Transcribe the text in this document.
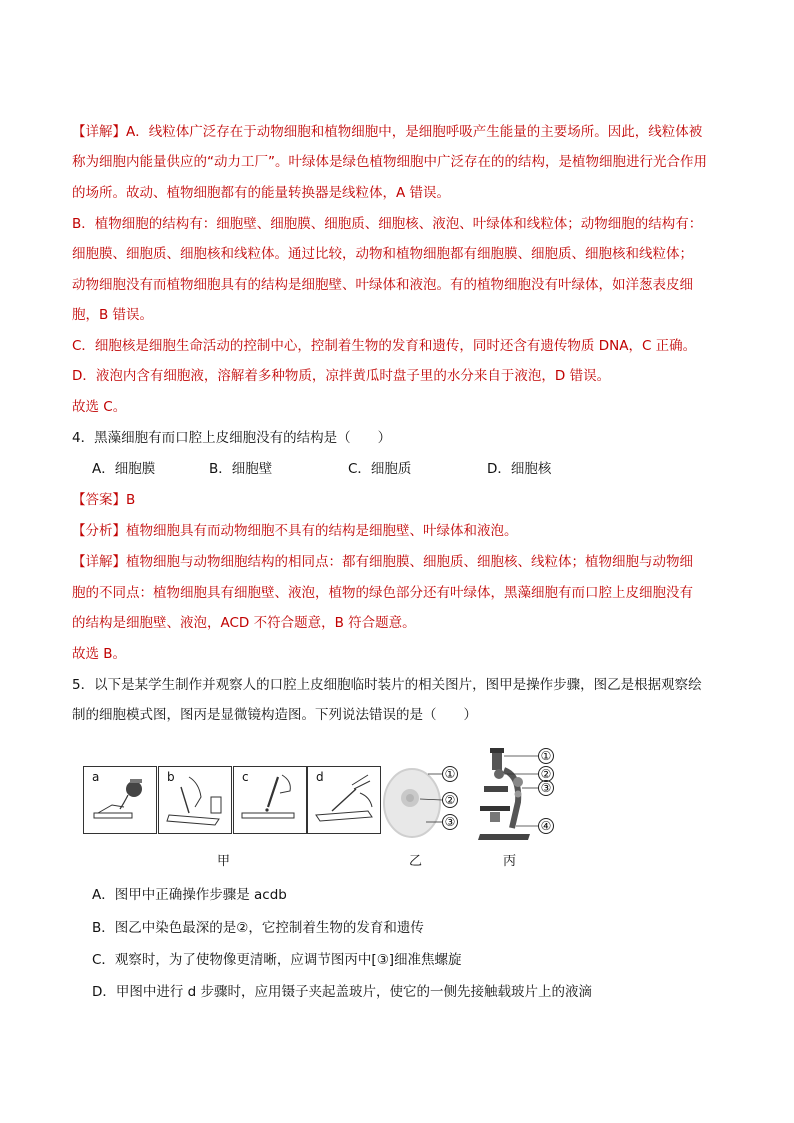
【详解】A．线粒体广泛存在于动物细胞和植物细胞中，是细胞呼吸产生能量的主要场所。因此，线粒体被
称为细胞内能量供应的“动力工厂”。叶绿体是绿色植物细胞中广泛存在的的结构，是植物细胞进行光合作用
的场所。故动、植物细胞都有的能量转换器是线粒体，A 错误。
B．植物细胞的结构有：细胞壁、细胞膜、细胞质、细胞核、液泡、叶绿体和线粒体；动物细胞的结构有：
细胞膜、细胞质、细胞核和线粒体。通过比较，动物和植物细胞都有细胞膜、细胞质、细胞核和线粒体；
动物细胞没有而植物细胞具有的结构是细胞壁、叶绿体和液泡。有的植物细胞没有叶绿体，如洋葱表皮细
胞，B 错误。
C．细胞核是细胞生命活动的控制中心，控制着生物的发育和遗传，同时还含有遗传物质 DNA，C 正确。
D．液泡内含有细胞液，溶解着多种物质，凉拌黄瓜时盘子里的水分来自于液泡，D 错误。
故选 C。
4．黑藻细胞有而口腔上皮细胞没有的结构是（　　）
A．细胞膜	B．细胞壁	C．细胞质	D．细胞核
【答案】B
【分析】植物细胞具有而动物细胞不具有的结构是细胞壁、叶绿体和液泡。
【详解】植物细胞与动物细胞结构的相同点：都有细胞膜、细胞质、细胞核、线粒体；植物细胞与动物细
胞的不同点：植物细胞具有细胞壁、液泡，植物的绿色部分还有叶绿体，黑藻细胞有而口腔上皮细胞没有
的结构是细胞壁、液泡，ACD 不符合题意，B 符合题意。
故选 B。
5．以下是某学生制作并观察人的口腔上皮细胞临时装片的相关图片，图甲是操作步骤，图乙是根据观察绘
制的细胞模式图，图丙是显微镜构造图。下列说法错误的是（　　）
a	b	c	d
甲
①
②
③
乙
①
②
③
④
丙
A．图甲中正确操作步骤是 acdb
B．图乙中染色最深的是②，它控制着生物的发育和遗传
C．观察时，为了使物像更清晰，应调节图丙中[③]细准焦螺旋
D．甲图中进行 d 步骤时，应用镊子夹起盖玻片，使它的一侧先接触载玻片上的液滴
